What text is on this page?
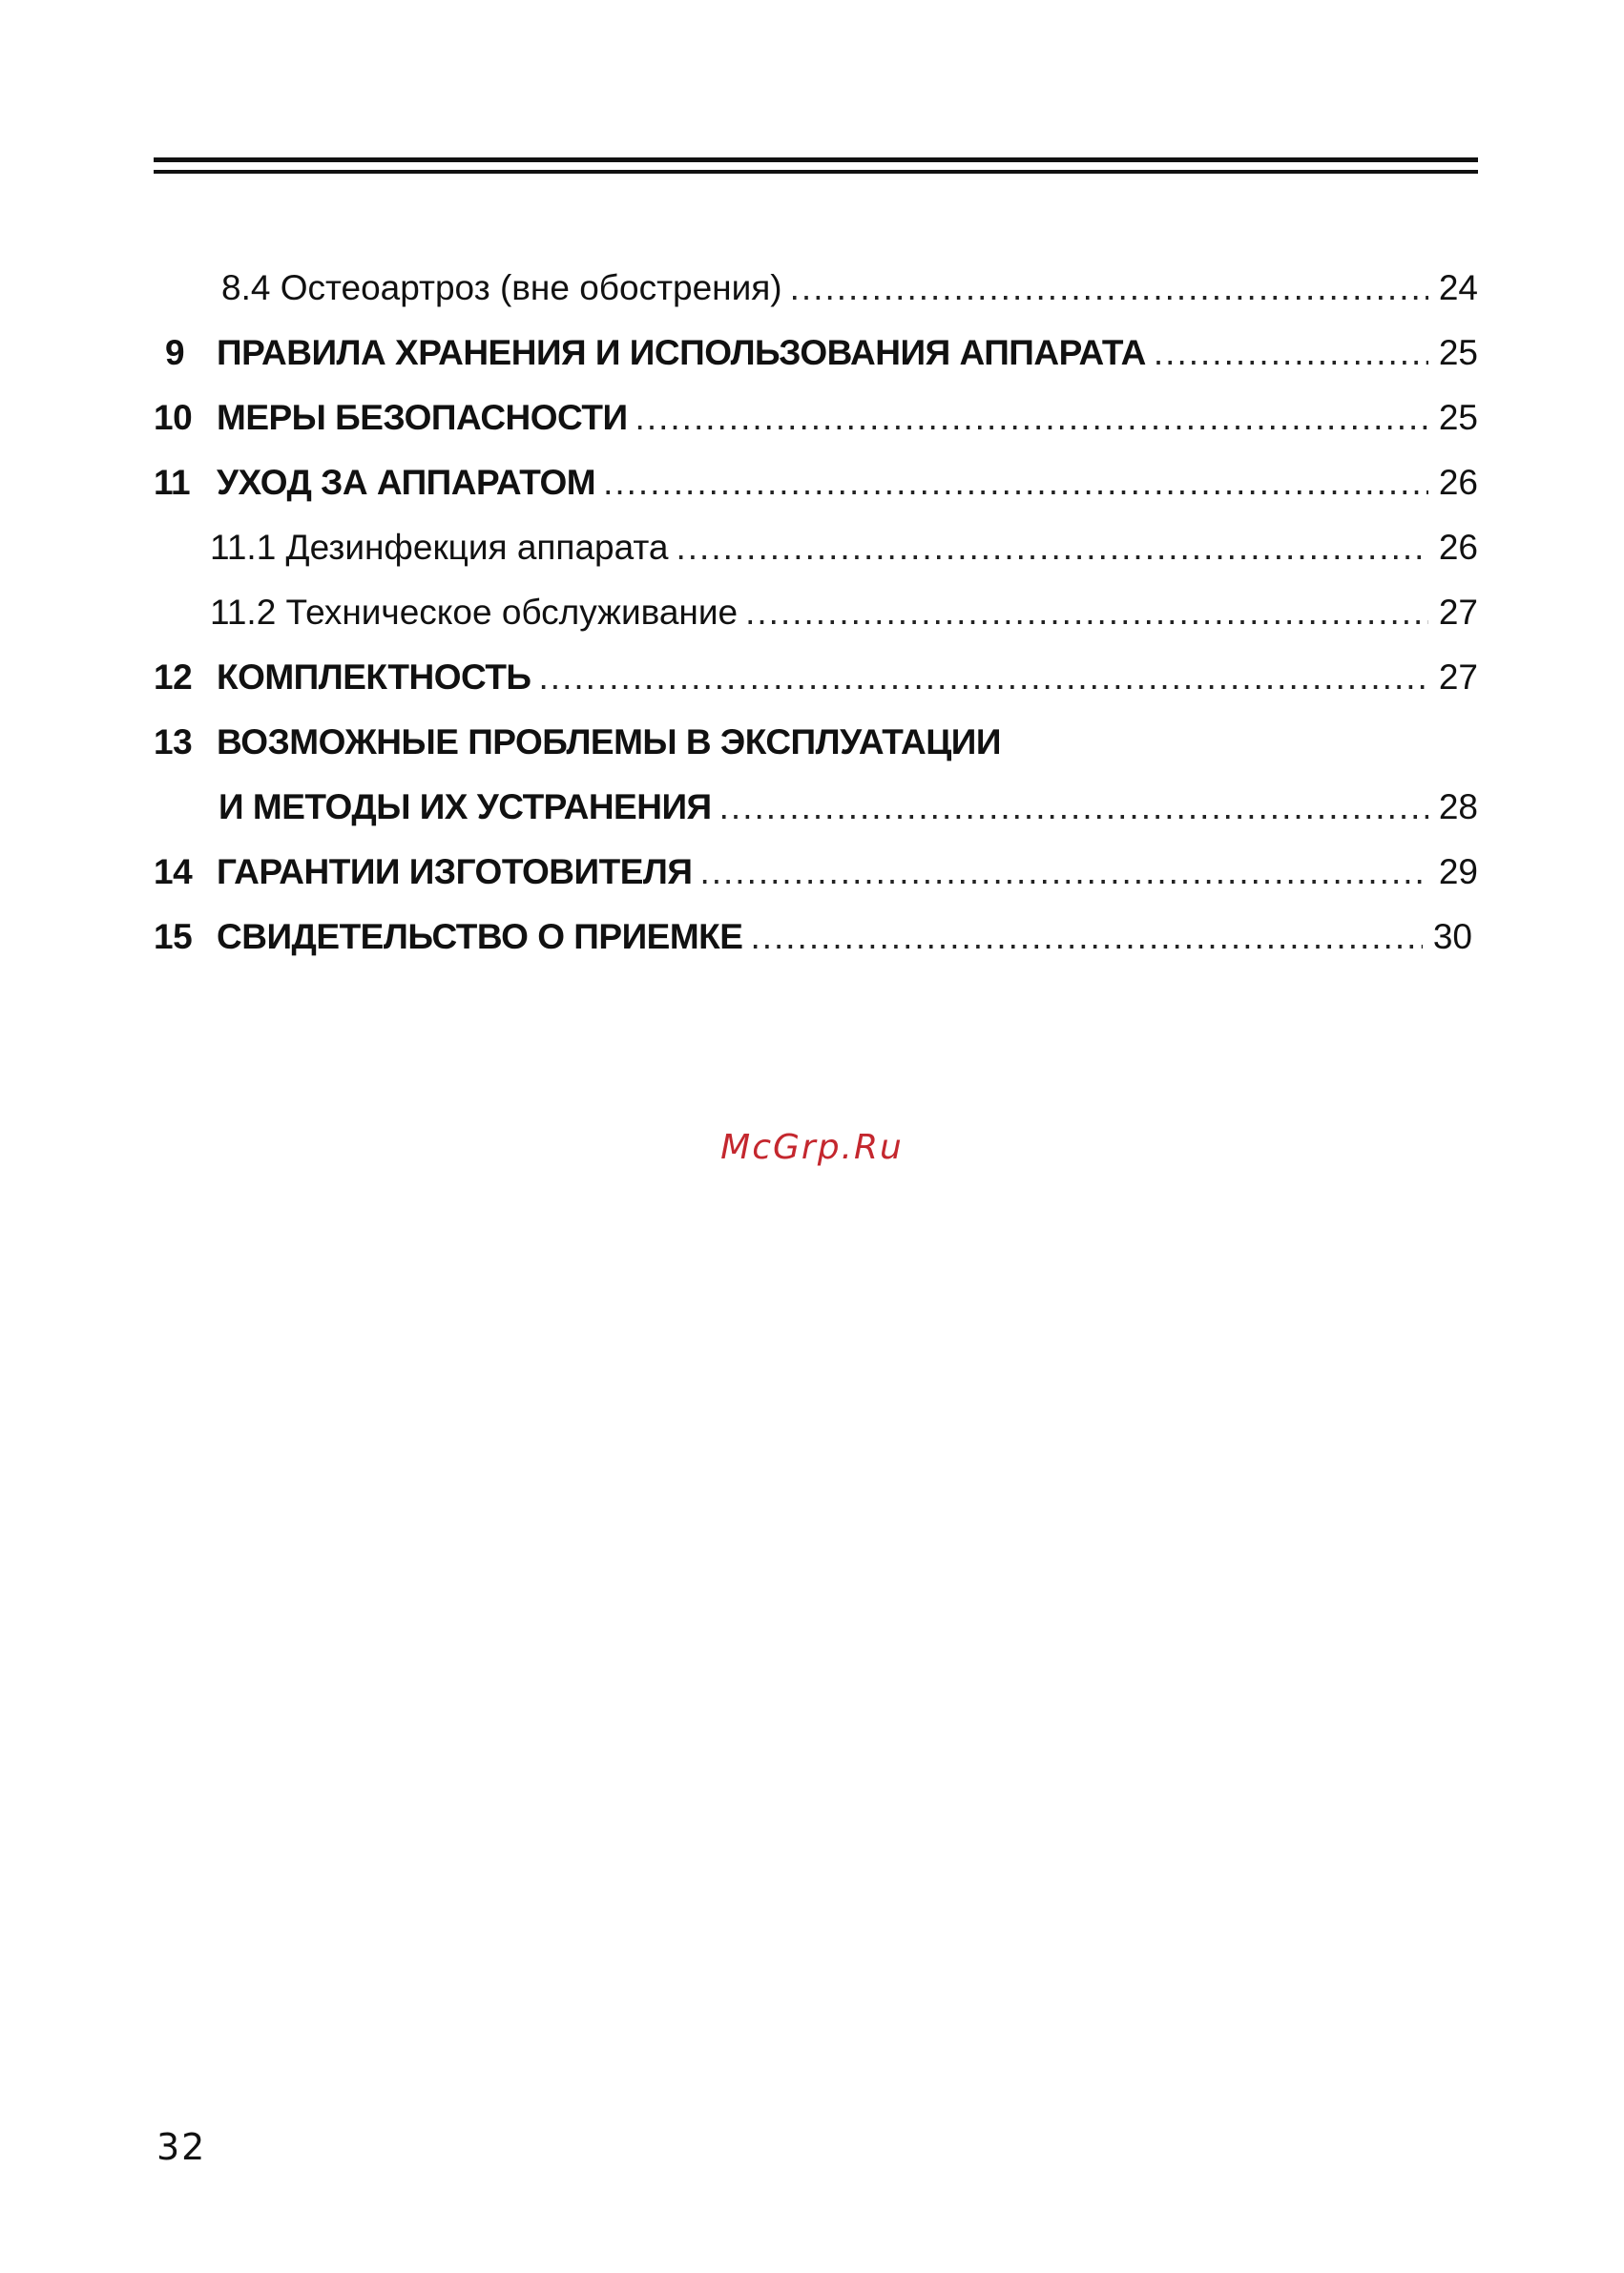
8.4 Остеоартроз (вне обострения) .....	24
9 ПРАВИЛА ХРАНЕНИЯ И ИСПОЛЬЗОВАНИЯ АППАРАТА .....	25
10 МЕРЫ БЕЗОПАСНОСТИ .....	25
11 УХОД ЗА АППАРАТОМ .....	26
11.1 Дезинфекция аппарата .....	26
11.2 Техническое обслуживание .....	27
12 КОМПЛЕКТНОСТЬ .....	27
13 ВОЗМОЖНЫЕ ПРОБЛЕМЫ В ЭКСПЛУАТАЦИИ
И МЕТОДЫ ИХ УСТРАНЕНИЯ .....	28
14 ГАРАНТИИ ИЗГОТОВИТЕЛЯ .....	29
15 СВИДЕТЕЛЬСТВО О ПРИЕМКЕ .....	30
McGrp.Ru
32
